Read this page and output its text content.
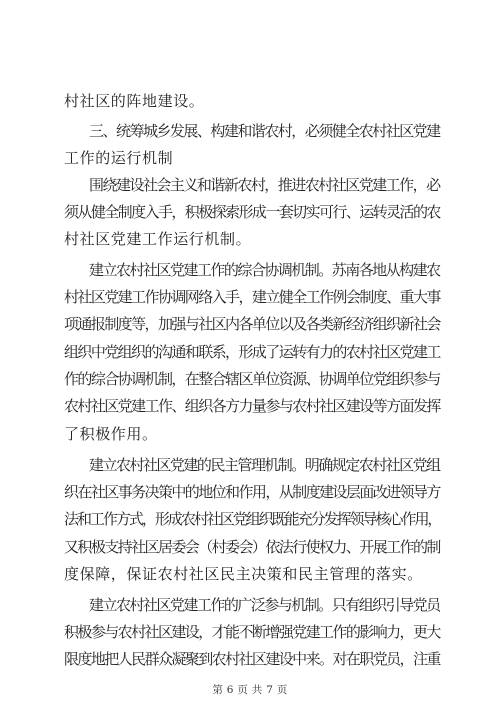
村社区的阵地建设。
三、统筹城乡发展、构建和谐农村，必须健全农村社区党建
工作的运行机制
围绕建设社会主义和谐新农村，推进农村社区党建工作，必
须从健全制度入手，积极探索形成一套切实可行、运转灵活的农
村社区党建工作运行机制。
建立农村社区党建工作的综合协调机制。苏南各地从构建农
村社区党建工作协调网络入手，建立健全工作例会制度、重大事
项通报制度等，加强与社区内各单位以及各类新经济组织新社会
组织中党组织的沟通和联系，形成了运转有力的农村社区党建工
作的综合协调机制，在整合辖区单位资源、协调单位党组织参与
农村社区党建工作、组织各方力量参与农村社区建设等方面发挥
了积极作用。
建立农村社区党建的民主管理机制。明确规定农村社区党组
织在社区事务决策中的地位和作用，从制度建设层面改进领导方
法和工作方式，形成农村社区党组织既能充分发挥领导核心作用，
又积极支持社区居委会（村委会）依法行使权力、开展工作的制
度保障，保证农村社区民主决策和民主管理的落实。
建立农村社区党建工作的广泛参与机制。只有组织引导党员
积极参与农村社区建设，才能不断增强党建工作的影响力，更大
限度地把人民群众凝聚到农村社区建设中来。对在职党员，注重
第 6 页 共 7 页
